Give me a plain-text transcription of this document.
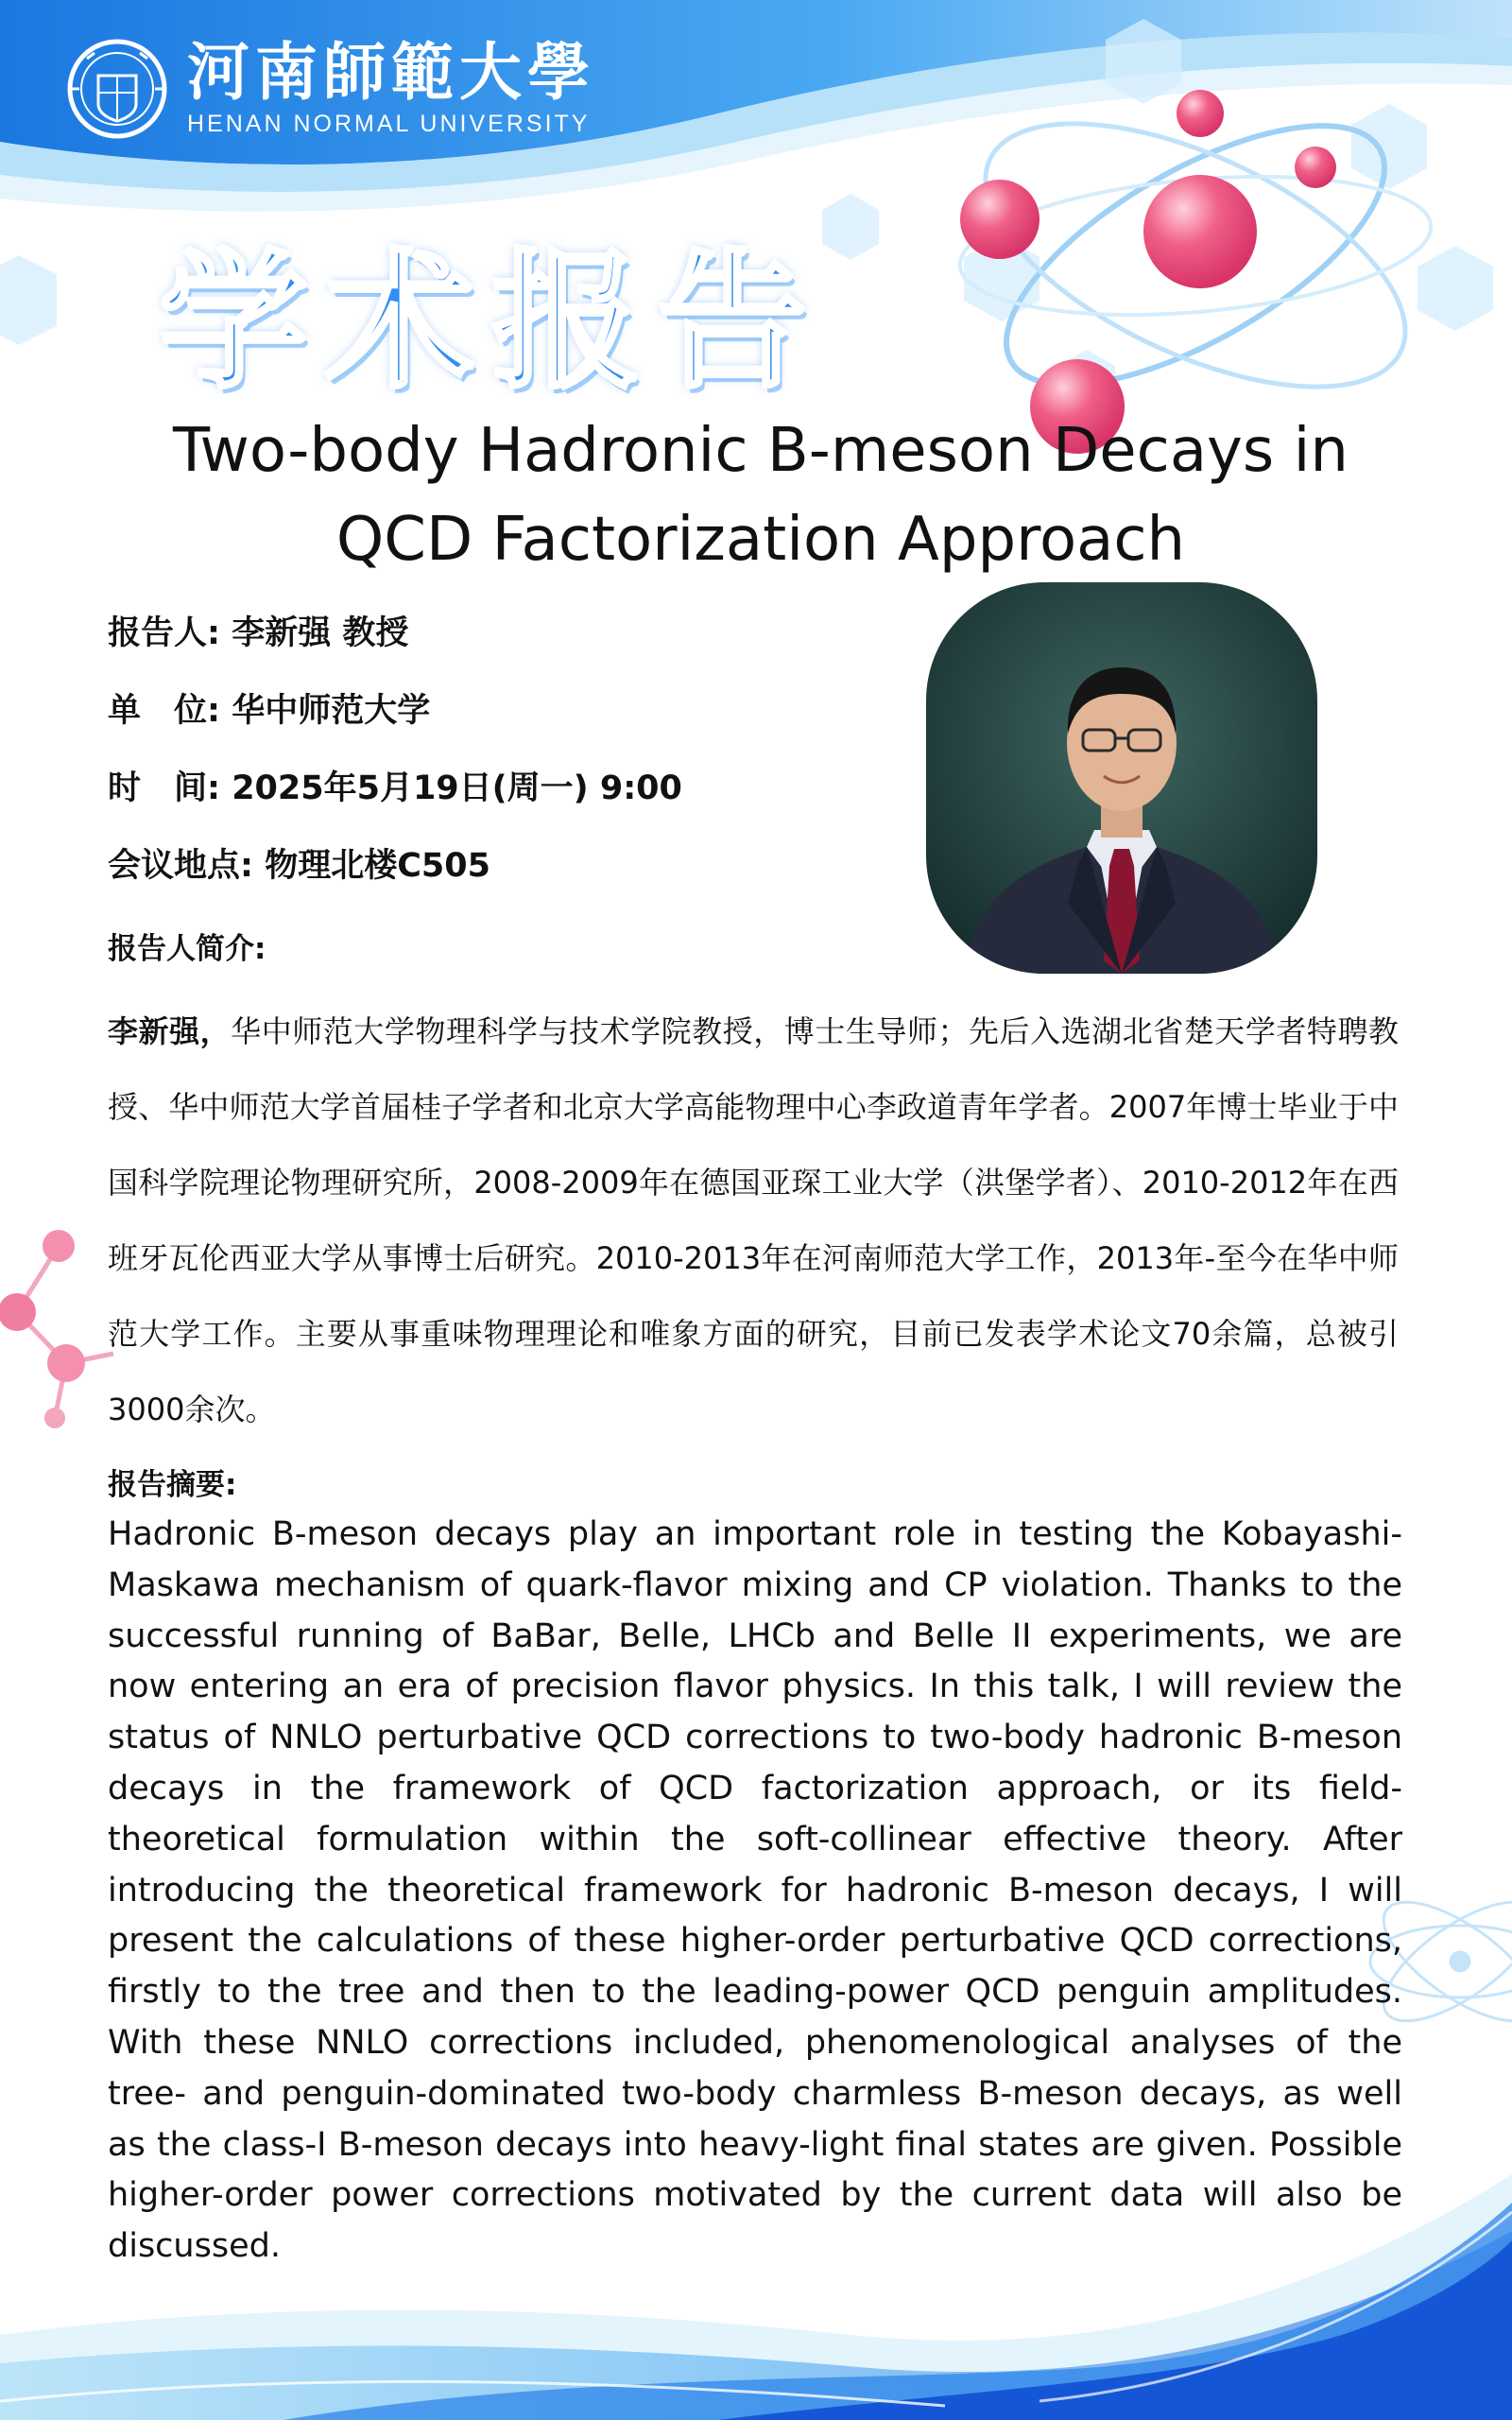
河南師範大學
HENAN NORMAL UNIVERSITY
学术报告
Two-body Hadronic B-meson Decays in
QCD Factorization Approach
报告人: 李新强 教授
单　位: 华中师范大学
时　间: 2025年5月19日(周一) 9:00
会议地点: 物理北楼C505
报告人简介:
李新强，华中师范大学物理科学与技术学院教授，博士生导师；先后入选湖北省楚天学者特聘教授、华中师范大学首届桂子学者和北京大学高能物理中心李政道青年学者。2007年博士毕业于中国科学院理论物理研究所，2008-2009年在德国亚琛工业大学（洪堡学者）、2010-2012年在西班牙瓦伦西亚大学从事博士后研究。2010-2013年在河南师范大学工作，2013年-至今在华中师范大学工作。主要从事重味物理理论和唯象方面的研究，目前已发表学术论文70余篇，总被引3000余次。
报告摘要:
Hadronic B-meson decays play an important role in testing the Kobayashi-Maskawa mechanism of quark-flavor mixing and CP violation. Thanks to the successful running of BaBar, Belle, LHCb and Belle II experiments, we are now entering an era of precision flavor physics. In this talk, I will review the status of NNLO perturbative QCD corrections to two-body hadronic B-meson decays in the framework of QCD factorization approach, or its field-theoretical formulation within the soft-collinear effective theory. After introducing the theoretical framework for hadronic B-meson decays, I will present the calculations of these higher-order perturbative QCD corrections, firstly to the tree and then to the leading-power QCD penguin amplitudes. With these NNLO corrections included, phenomenological analyses of the tree- and penguin-dominated two-body charmless B-meson decays, as well as the class-I B-meson decays into heavy-light final states are given. Possible higher-order power corrections motivated by the current data will also be discussed.
